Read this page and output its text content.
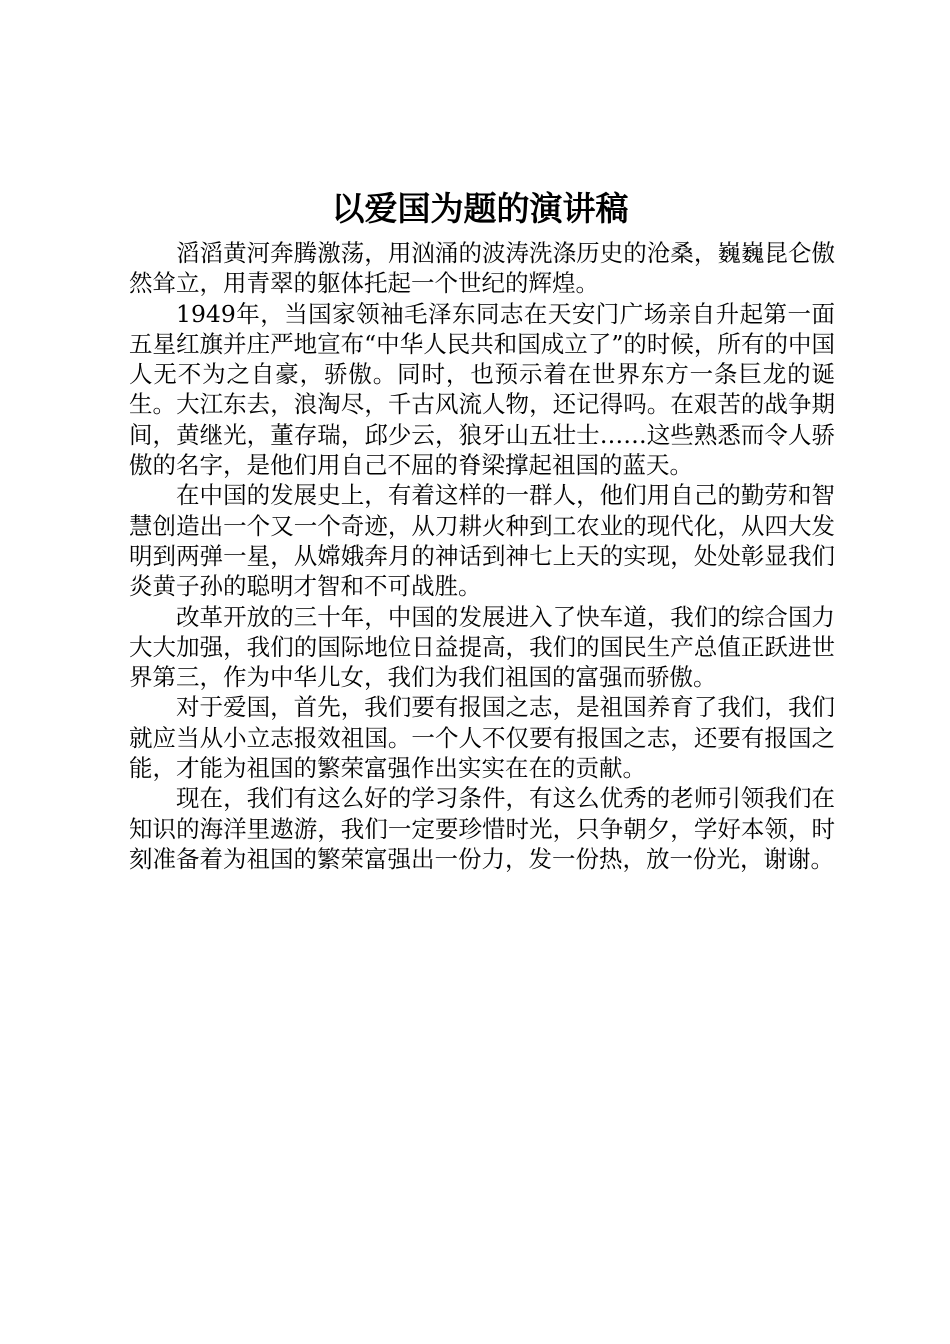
以爱国为题的演讲稿

滔滔黄河奔腾激荡，用汹涌的波涛洗涤历史的沧桑，巍巍昆仑傲然耸立，用青翠的躯体托起一个世纪的辉煌。

1949年，当国家领袖毛泽东同志在天安门广场亲自升起第一面五星红旗并庄严地宣布“中华人民共和国成立了”的时候，所有的中国人无不为之自豪，骄傲。同时，也预示着在世界东方一条巨龙的诞生。大江东去，浪淘尽，千古风流人物，还记得吗。在艰苦的战争期间，黄继光，董存瑞，邱少云，狼牙山五壮士……这些熟悉而令人骄傲的名字，是他们用自己不屈的脊梁撑起祖国的蓝天。

在中国的发展史上，有着这样的一群人，他们用自己的勤劳和智慧创造出一个又一个奇迹，从刀耕火种到工农业的现代化，从四大发明到两弹一星，从嫦娥奔月的神话到神七上天的实现，处处彰显我们炎黄子孙的聪明才智和不可战胜。

改革开放的三十年，中国的发展进入了快车道，我们的综合国力大大加强，我们的国际地位日益提高，我们的国民生产总值正跃进世界第三，作为中华儿女，我们为我们祖国的富强而骄傲。

对于爱国，首先，我们要有报国之志，是祖国养育了我们，我们就应当从小立志报效祖国。一个人不仅要有报国之志，还要有报国之能，才能为祖国的繁荣富强作出实实在在的贡献。

现在，我们有这么好的学习条件，有这么优秀的老师引领我们在知识的海洋里遨游，我们一定要珍惜时光，只争朝夕，学好本领，时刻准备着为祖国的繁荣富强出一份力，发一份热，放一份光，谢谢。
